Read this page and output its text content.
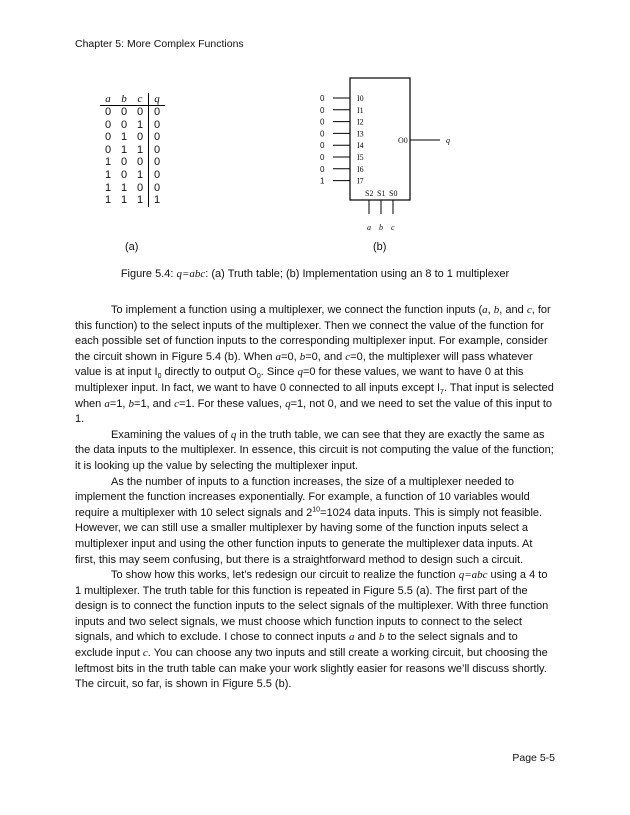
Chapter 5: More Complex Functions
a	b	c	q
0	0	0	0
0	0	1	0
0	1	0	0
0	1	1	0
1	0	0	0
1	0	1	0
1	1	0	0
1	1	1	1
(a)
O0	q
0	I0
0	I1
0	I2
0	I3
0	I4
0	I5
0	I6
1	I7
S2
a
S1
b
S0
c
(b)
Figure 5.4: q=abc: (a) Truth table; (b) Implementation using an 8 to 1 multiplexer

To implement a function using a multiplexer, we connect the function inputs (a, b, and c, for this function) to the select inputs of the multiplexer. Then we connect the value of the function for each possible set of function inputs to the corresponding multiplexer input. For example, consider the circuit shown in Figure 5.4 (b). When a=0, b=0, and c=0, the multiplexer will pass whatever value is at input $I_0$ directly to output $O_0$. Since q=0 for these values, we want to have 0 at this multiplexer input. In fact, we want to have 0 connected to all inputs except $I_7$. That input is selected when a=1, b=1, and c=1. For these values, q=1, not 0, and we need to set the value of this input to 1.

Examining the values of q in the truth table, we can see that they are exactly the same as the data inputs to the multiplexer. In essence, this circuit is not computing the value of the function; it is looking up the value by selecting the multiplexer input.

As the number of inputs to a function increases, the size of a multiplexer needed to implement the function increases exponentially. For example, a function of 10 variables would require a multiplexer with 10 select signals and $2^{10}=1024$ data inputs. This is simply not feasible. However, we can still use a smaller multiplexer by having some of the function inputs select a multiplexer input and using the other function inputs to generate the multiplexer data inputs. At first, this may seem confusing, but there is a straightforward method to design such a circuit.

To show how this works, let’s redesign our circuit to realize the function q=abc using a 4 to 1 multiplexer. The truth table for this function is repeated in Figure 5.5 (a). The first part of the design is to connect the function inputs to the select signals of the multiplexer. With three function inputs and two select signals, we must choose which function inputs to connect to the select signals, and which to exclude. I chose to connect inputs a and b to the select signals and to exclude input c. You can choose any two inputs and still create a working circuit, but choosing the leftmost bits in the truth table can make your work slightly easier for reasons we’ll discuss shortly. The circuit, so far, is shown in Figure 5.5 (b).

Page 5-5
